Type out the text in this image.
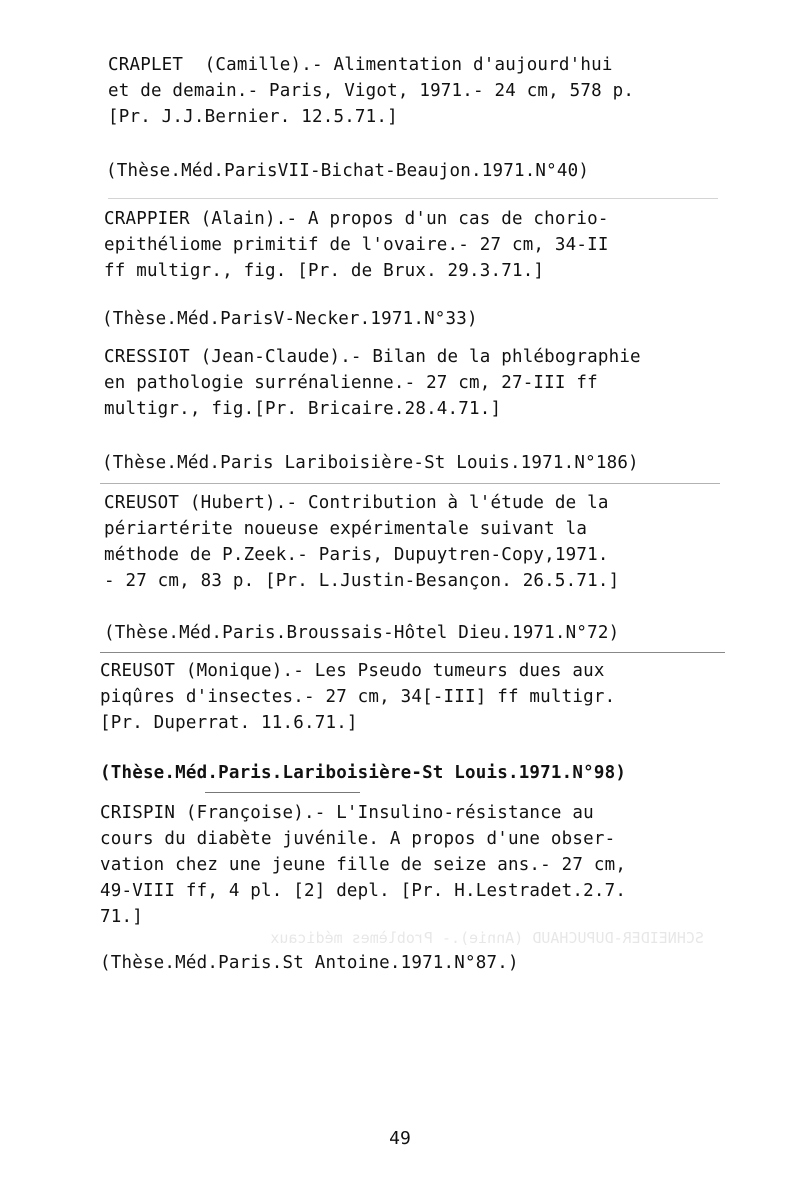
SCHNEIDER-DUPUCHAUD (Annie).- Problèmes médicaux

CRAPLET  (Camille).- Alimentation d'aujourd'hui
et de demain.- Paris, Vigot, 1971.- 24 cm, 578 p.
[Pr. J.J.Bernier. 12.5.71.]
(Thèse.Méd.ParisVII-Bichat-Beaujon.1971.N°40)
CRAPPIER (Alain).- A propos d'un cas de chorio-
epithéliome primitif de l'ovaire.- 27 cm, 34-II
ff multigr., fig. [Pr. de Brux. 29.3.71.]
(Thèse.Méd.ParisV-Necker.1971.N°33)
CRESSIOT (Jean-Claude).- Bilan de la phlébographie
en pathologie surrénalienne.- 27 cm, 27-III ff
multigr., fig.[Pr. Bricaire.28.4.71.]
(Thèse.Méd.Paris Lariboisière-St Louis.1971.N°186)
CREUSOT (Hubert).- Contribution à l'étude de la
périartérite noueuse expérimentale suivant la
méthode de P.Zeek.- Paris, Dupuytren-Copy,1971.
- 27 cm, 83 p. [Pr. L.Justin-Besançon. 26.5.71.]
(Thèse.Méd.Paris.Broussais-Hôtel Dieu.1971.N°72)
CREUSOT (Monique).- Les Pseudo tumeurs dues aux
piqûres d'insectes.- 27 cm, 34[-III] ff multigr.
[Pr. Duperrat. 11.6.71.]
(Thèse.Méd.Paris.Lariboisière-St Louis.1971.N°98)
CRISPIN (Françoise).- L'Insulino-résistance au
cours du diabète juvénile. A propos d'une obser-
vation chez une jeune fille de seize ans.- 27 cm,
49-VIII ff, 4 pl. [2] depl. [Pr. H.Lestradet.2.7.
71.]
(Thèse.Méd.Paris.St Antoine.1971.N°87.)
49
